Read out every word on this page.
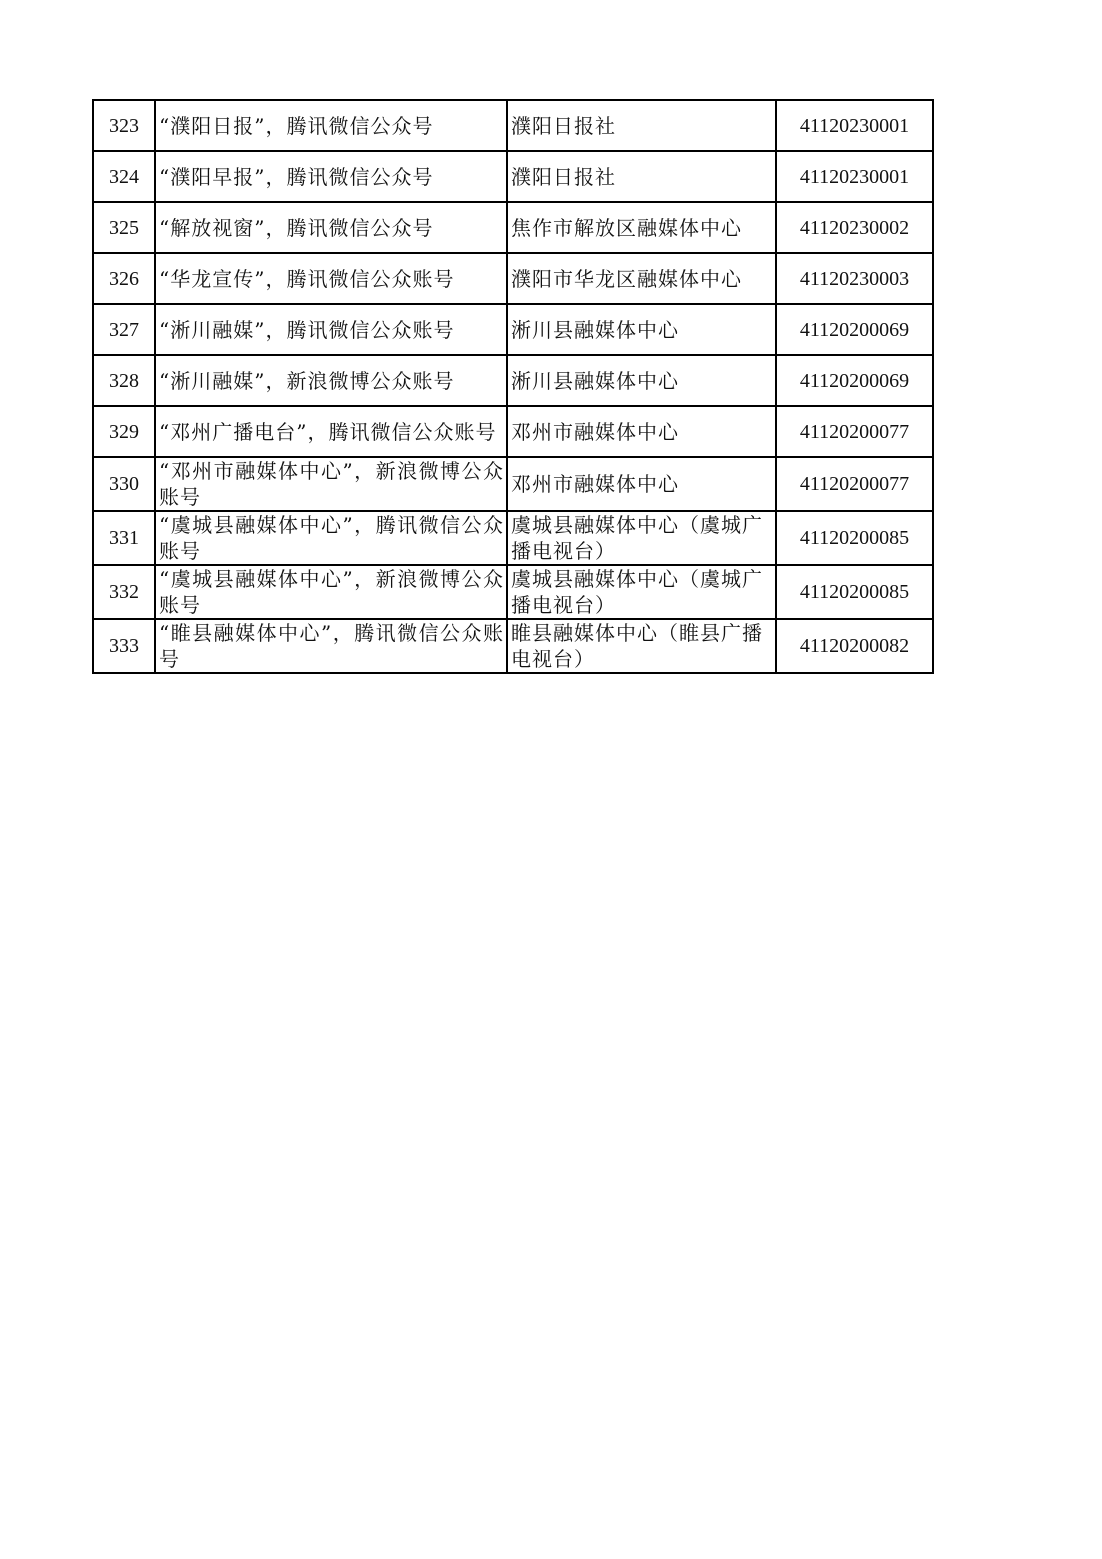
323	“濮阳日报”，腾讯微信公众号	濮阳日报社	41120230001

324	“濮阳早报”，腾讯微信公众号	濮阳日报社	41120230001

325	“解放视窗”，腾讯微信公众号	焦作市解放区融媒体中心	41120230002

326	“华龙宣传”，腾讯微信公众账号	濮阳市华龙区融媒体中心	41120230003

327	“淅川融媒”，腾讯微信公众账号	淅川县融媒体中心	41120200069

328	“淅川融媒”，新浪微博公众账号	淅川县融媒体中心	41120200069

329	“邓州广播电台”，腾讯微信公众账号	邓州市融媒体中心	41120200077

330	“邓州市融媒体中心”，新浪微博公众账号	邓州市融媒体中心	41120200077

331	“虞城县融媒体中心”，腾讯微信公众账号	虞城县融媒体中心（虞城广播电视台）	41120200085

332	“虞城县融媒体中心”，新浪微博公众账号	虞城县融媒体中心（虞城广播电视台）	41120200085

333	“睢县融媒体中心”，腾讯微信公众账号	睢县融媒体中心（睢县广播电视台）	41120200082
